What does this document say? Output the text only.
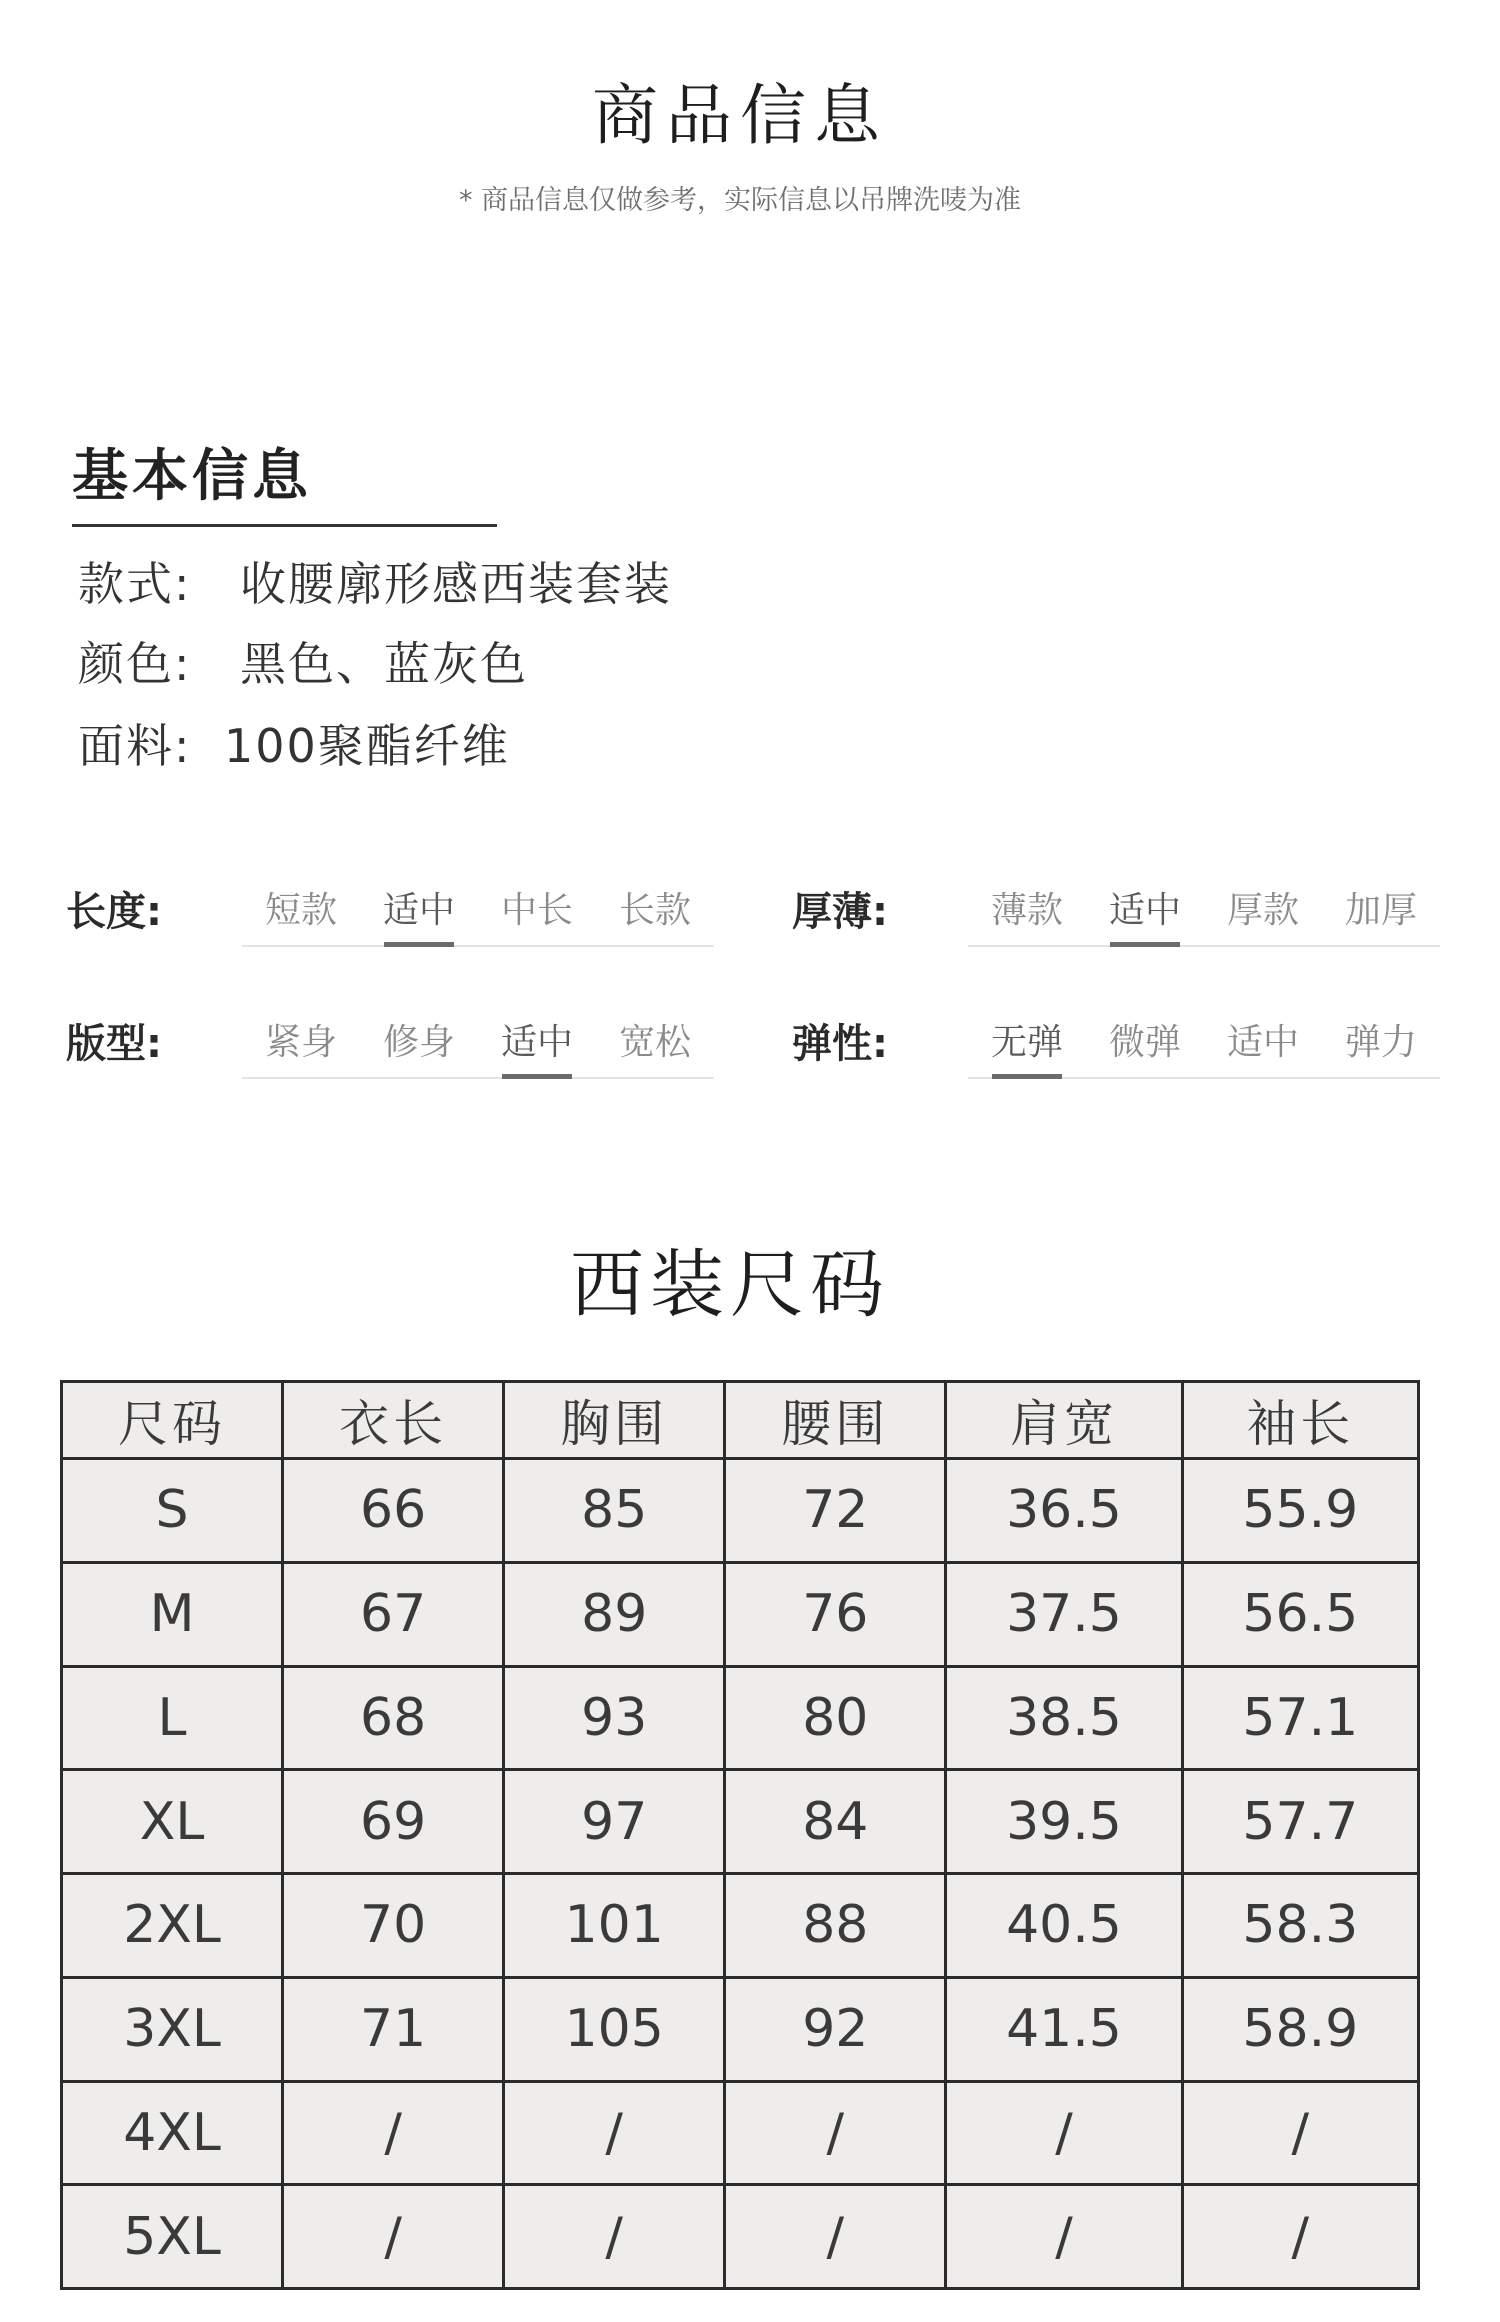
商品信息
* 商品信息仅做参考，实际信息以吊牌洗唛为准
基本信息
款式: 收腰廓形感西装套装
颜色: 黑色、蓝灰色
面料: 100聚酯纤维
长度:	短款	适中	中长	长款	厚薄:	薄款	适中	厚款	加厚
版型:	紧身	修身	适中	宽松	弹性:	无弹	微弹	适中	弹力
西装尺码
尺码	衣长	胸围	腰围	肩宽	袖长
S	66	85	72	36.5	55.9
M	67	89	76	37.5	56.5
L	68	93	80	38.5	57.1
XL	69	97	84	39.5	57.7
2XL	70	101	88	40.5	58.3
3XL	71	105	92	41.5	58.9
4XL	/	/	/	/	/
5XL	/	/	/	/	/
